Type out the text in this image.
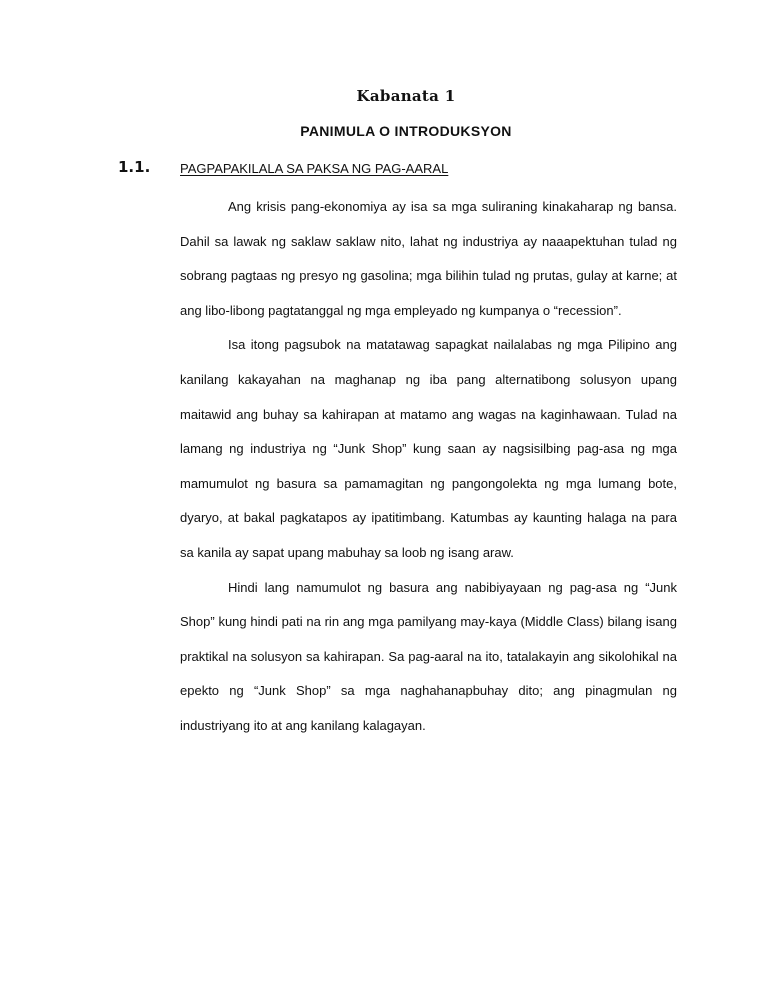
Kabanata 1
PANIMULA O INTRODUKSYON
1.1. PAGPAPAKILALA SA PAKSA NG PAG-AARAL

Ang krisis pang-ekonomiya ay isa sa mga suliraning kinakaharap ng bansa. Dahil sa lawak ng saklaw saklaw nito, lahat ng industriya ay naaapektuhan tulad ng sobrang pagtaas ng presyo ng gasolina; mga bilihin tulad ng prutas, gulay at karne; at ang libo-libong pagtatanggal ng mga empleyado ng kumpanya o “recession”.

Isa itong pagsubok na matatawag sapagkat nailalabas ng mga Pilipino ang kanilang kakayahan na maghanap ng iba pang alternatibong solusyon upang maitawid ang buhay sa kahirapan at matamo ang wagas na kaginhawaan. Tulad na lamang ng industriya ng “Junk Shop” kung saan ay nagsisilbing pag-asa ng mga mamumulot ng basura sa pamamagitan ng pangongolekta ng mga lumang bote, dyaryo, at bakal pagkatapos ay ipatitimbang. Katumbas ay kaunting halaga na para sa kanila ay sapat upang mabuhay sa loob ng isang araw.

Hindi lang namumulot ng basura ang nabibiyayaan ng pag-asa ng “Junk Shop” kung hindi pati na rin ang mga pamilyang may-kaya (Middle Class) bilang isang praktikal na solusyon sa kahirapan. Sa pag-aaral na ito, tatalakayin ang sikolohikal na epekto ng “Junk Shop” sa mga naghahanapbuhay dito; ang pinagmulan ng industriyang ito at ang kanilang kalagayan.
